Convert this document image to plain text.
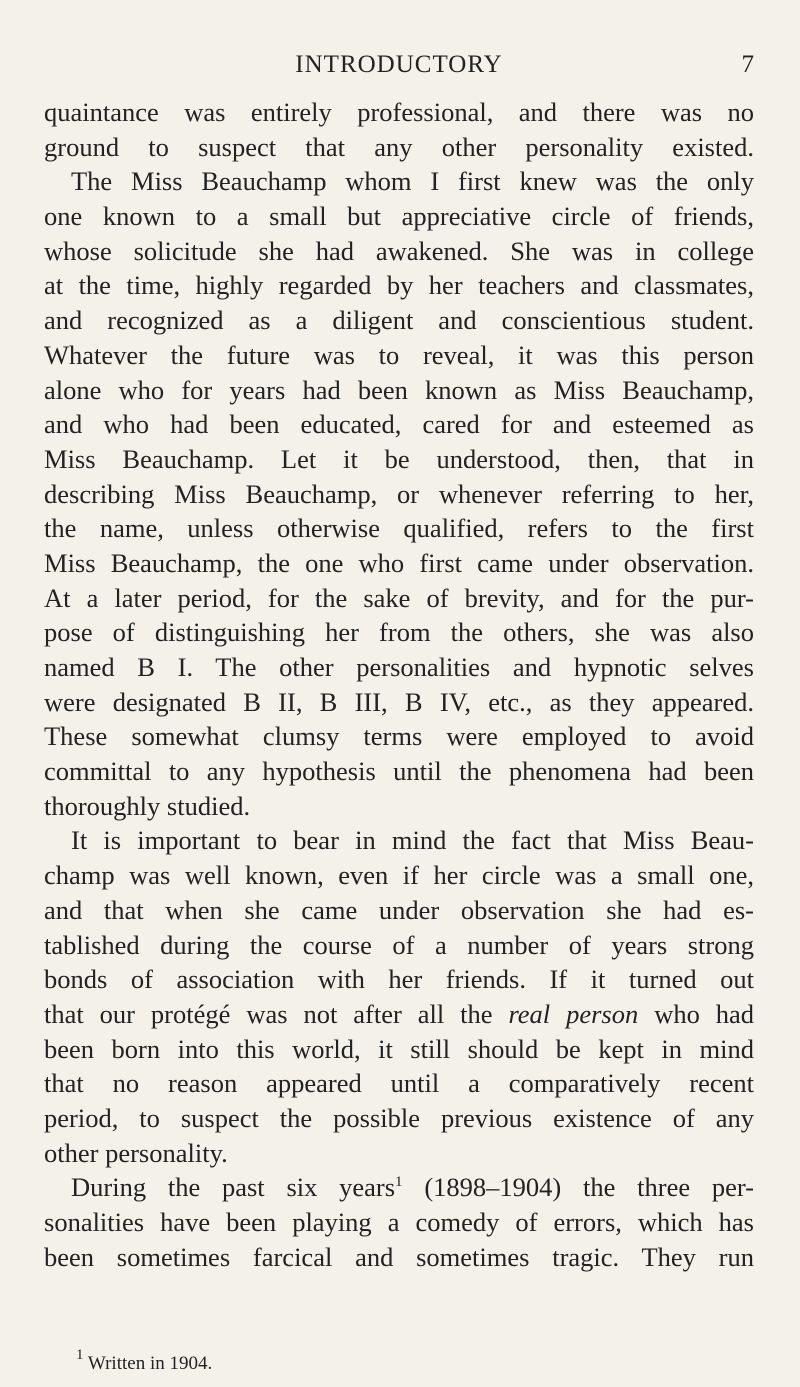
INTRODUCTORY	7
quaintance was entirely professional, and there was no
ground to suspect that any other personality existed.
The Miss Beauchamp whom I first knew was the only
one known to a small but appreciative circle of friends,
whose solicitude she had awakened. She was in college
at the time, highly regarded by her teachers and classmates,
and recognized as a diligent and conscientious student.
Whatever the future was to reveal, it was this person
alone who for years had been known as Miss Beauchamp,
and who had been educated, cared for and esteemed as
Miss Beauchamp. Let it be understood, then, that in
describing Miss Beauchamp, or whenever referring to her,
the name, unless otherwise qualified, refers to the first
Miss Beauchamp, the one who first came under observation.
At a later period, for the sake of brevity, and for the pur-
pose of distinguishing her from the others, she was also
named B I. The other personalities and hypnotic selves
were designated B II, B III, B IV, etc., as they appeared.
These somewhat clumsy terms were employed to avoid
committal to any hypothesis until the phenomena had been
thoroughly studied.
It is important to bear in mind the fact that Miss Beau-
champ was well known, even if her circle was a small one,
and that when she came under observation she had es-
tablished during the course of a number of years strong
bonds of association with her friends. If it turned out
that our protégé was not after all the real person who had
been born into this world, it still should be kept in mind
that no reason appeared until a comparatively recent
period, to suspect the possible previous existence of any
other personality.
During the past six years$^1$ (1898–1904) the three per-
sonalities have been playing a comedy of errors, which has
been sometimes farcical and sometimes tragic. They run
$^1$ Written in 1904.
